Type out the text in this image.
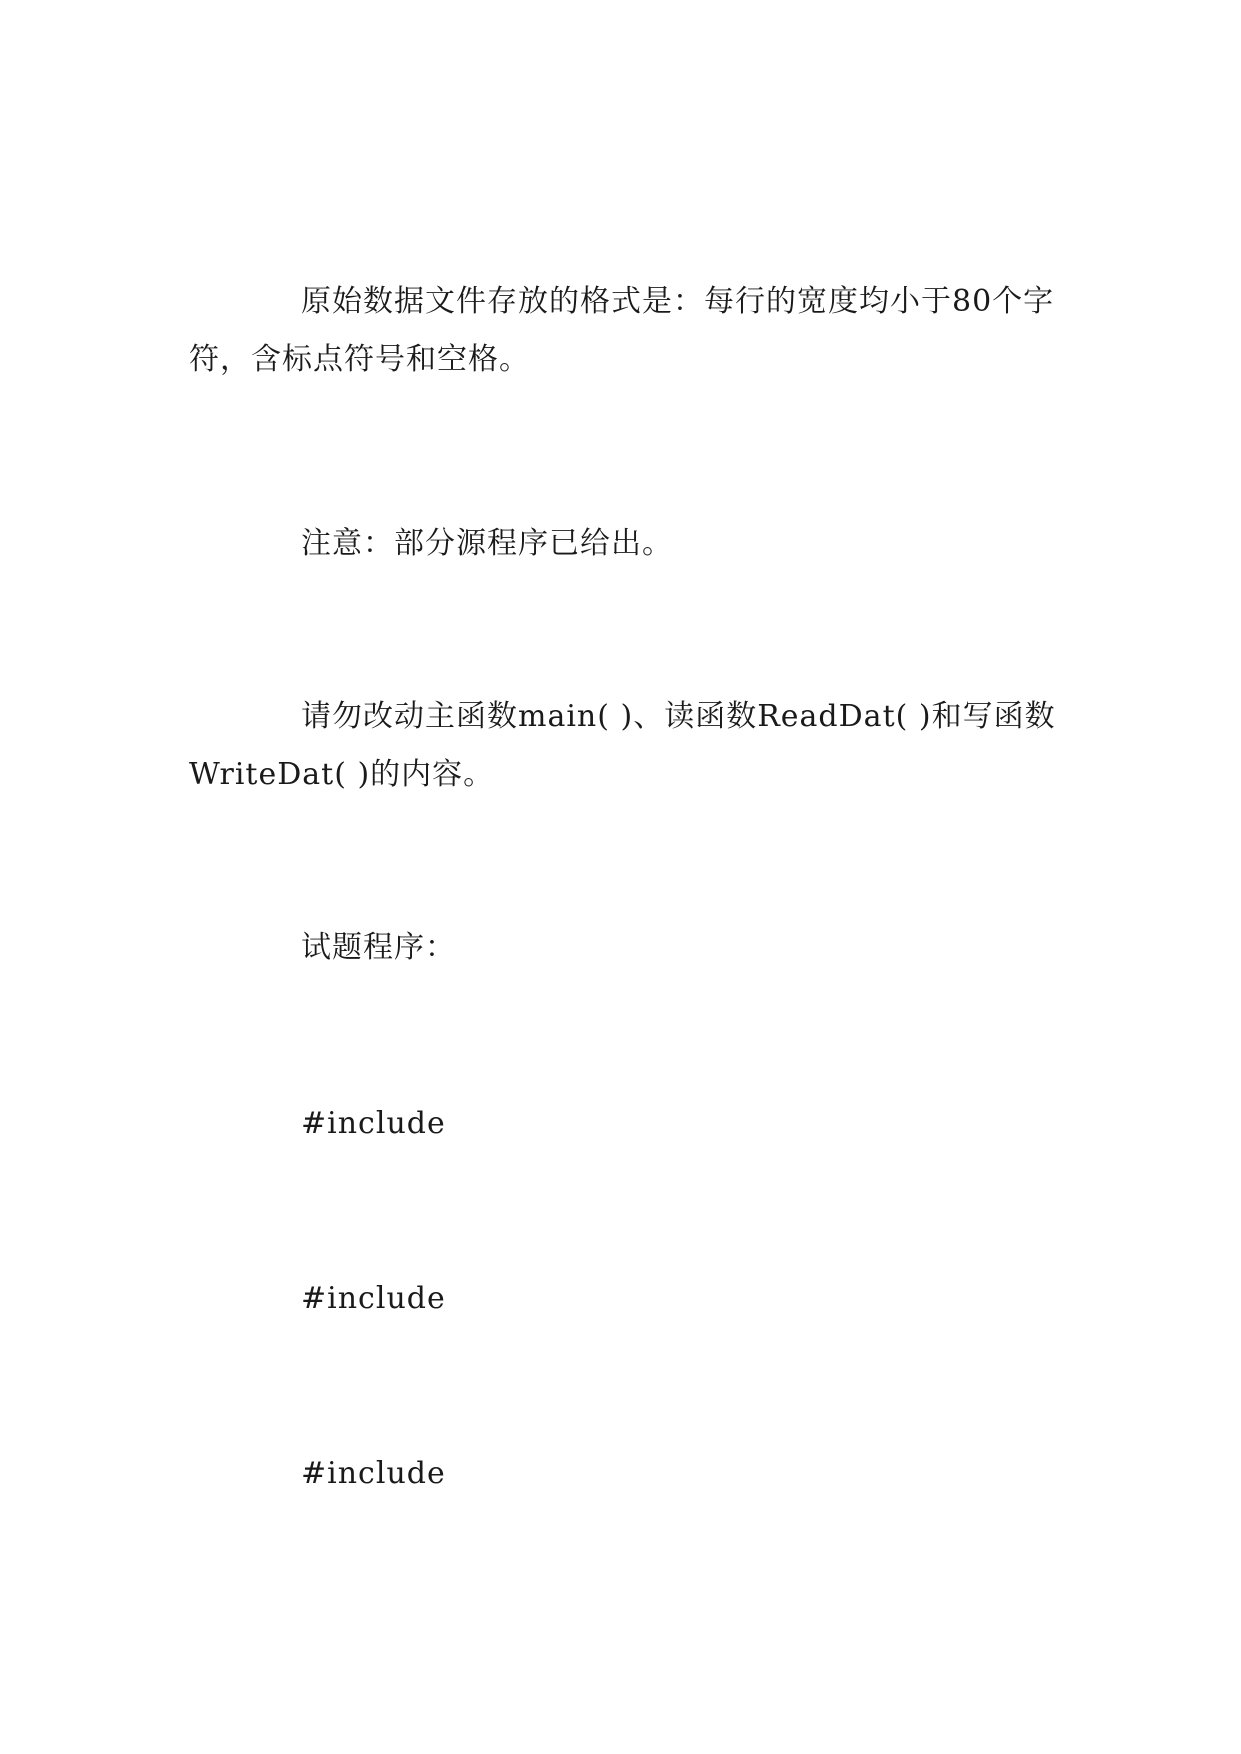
原始数据文件存放的格式是：每行的宽度均小于80个字符，含标点符号和空格。

注意：部分源程序已给出。

请勿改动主函数main( )、读函数ReadDat( )和写函数WriteDat( )的内容。

试题程序：

#include

#include

#include
